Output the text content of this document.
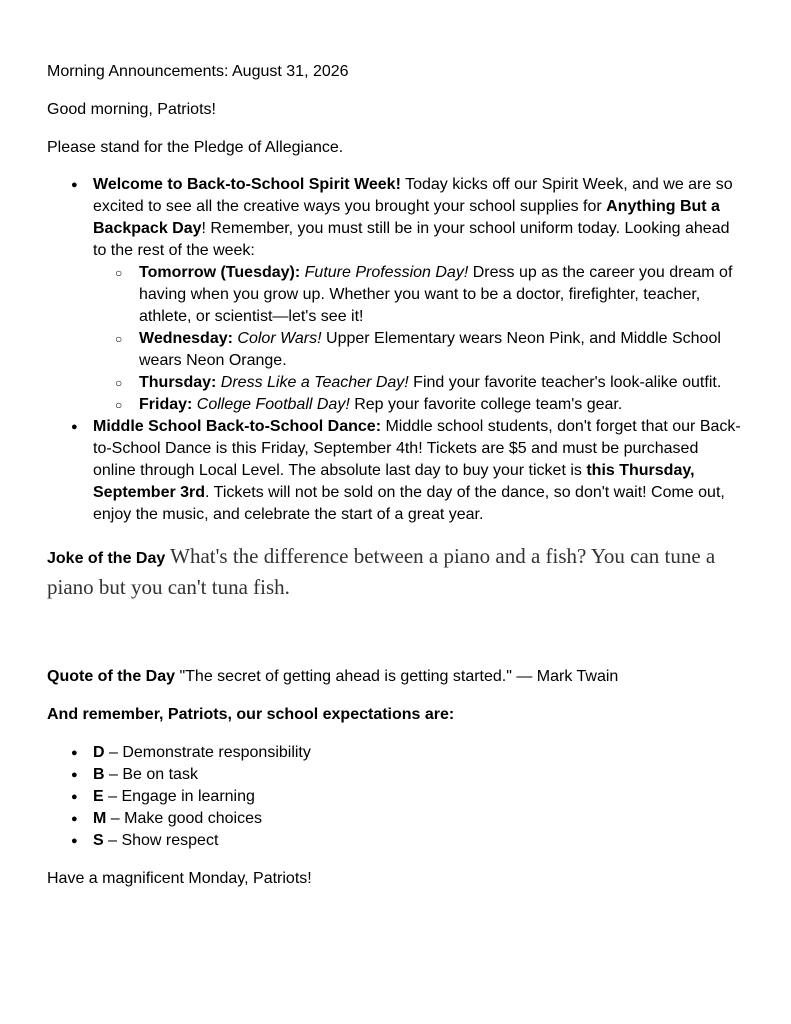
Morning Announcements: August 31, 2026

Good morning, Patriots!

Please stand for the Pledge of Allegiance.

● Welcome to Back-to-School Spirit Week! Today kicks off our Spirit Week, and we are so excited to see all the creative ways you brought your school supplies for Anything But a Backpack Day! Remember, you must still be in your school uniform today. Looking ahead to the rest of the week:
○ Tomorrow (Tuesday): Future Profession Day! Dress up as the career you dream of having when you grow up. Whether you want to be a doctor, firefighter, teacher, athlete, or scientist—let's see it!
○ Wednesday: Color Wars! Upper Elementary wears Neon Pink, and Middle School wears Neon Orange.
○ Thursday: Dress Like a Teacher Day! Find your favorite teacher's look-alike outfit.
○ Friday: College Football Day! Rep your favorite college team's gear.
● Middle School Back-to-School Dance: Middle school students, don't forget that our Back-to-School Dance is this Friday, September 4th! Tickets are $5 and must be purchased online through Local Level. The absolute last day to buy your ticket is this Thursday, September 3rd. Tickets will not be sold on the day of the dance, so don't wait! Come out, enjoy the music, and celebrate the start of a great year.

Joke of the Day What's the difference between a piano and a fish? You can tune a piano but you can't tuna fish.

Quote of the Day "The secret of getting ahead is getting started." — Mark Twain

And remember, Patriots, our school expectations are:

● D – Demonstrate responsibility
● B – Be on task
● E – Engage in learning
● M – Make good choices
● S – Show respect

Have a magnificent Monday, Patriots!
